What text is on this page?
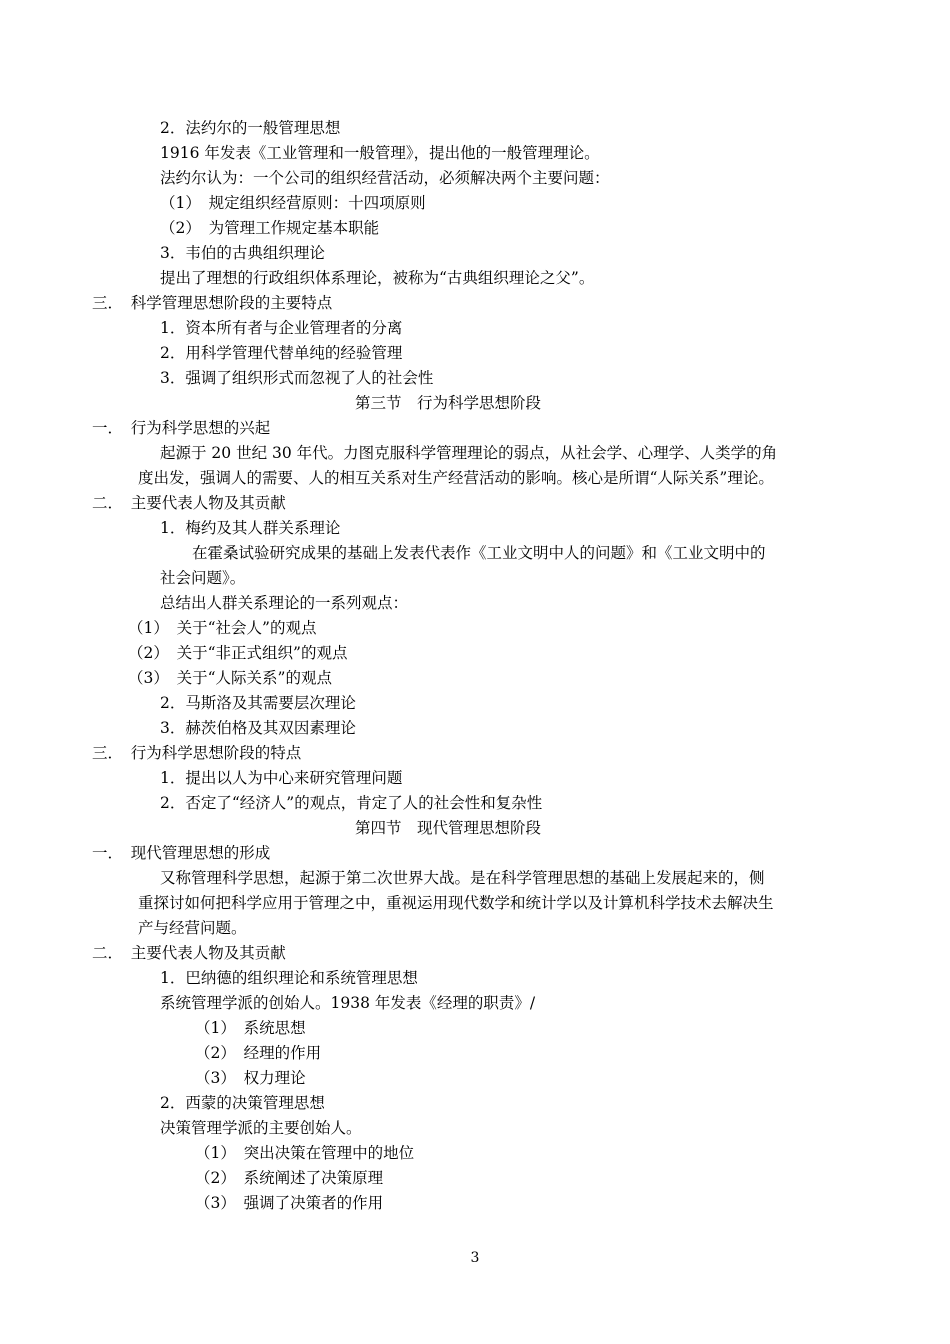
2．法约尔的一般管理思想
1916 年发表《工业管理和一般管理》，提出他的一般管理理论。
法约尔认为：一个公司的组织经营活动，必须解决两个主要问题：
（1）　规定组织经营原则：十四项原则
（2）　为管理工作规定基本职能
3．韦伯的古典组织理论
提出了理想的行政组织体系理论，被称为“古典组织理论之父”。
三．　科学管理思想阶段的主要特点
1．资本所有者与企业管理者的分离
2．用科学管理代替单纯的经验管理
3．强调了组织形式而忽视了人的社会性
第三节　行为科学思想阶段
一．　行为科学思想的兴起
起源于 20 世纪 30 年代。力图克服科学管理理论的弱点，从社会学、心理学、人类学的角
度出发，强调人的需要、人的相互关系对生产经营活动的影响。核心是所谓“人际关系”理论。
二．　主要代表人物及其贡献
1．梅约及其人群关系理论
在霍桑试验研究成果的基础上发表代表作《工业文明中人的问题》和《工业文明中的
社会问题》。
总结出人群关系理论的一系列观点：
（1）　关于“社会人”的观点
（2）　关于“非正式组织”的观点
（3）　关于“人际关系”的观点
2．马斯洛及其需要层次理论
3．赫茨伯格及其双因素理论
三．　行为科学思想阶段的特点
1．提出以人为中心来研究管理问题
2．否定了“经济人”的观点，肯定了人的社会性和复杂性
第四节　现代管理思想阶段
一．　现代管理思想的形成
又称管理科学思想，起源于第二次世界大战。是在科学管理思想的基础上发展起来的，侧
重探讨如何把科学应用于管理之中，重视运用现代数学和统计学以及计算机科学技术去解决生
产与经营问题。
二．　主要代表人物及其贡献
1．巴纳德的组织理论和系统管理思想
系统管理学派的创始人。1938 年发表《经理的职责》/
（1）　系统思想
（2）　经理的作用
（3）　权力理论
2．西蒙的决策管理思想
决策管理学派的主要创始人。
（1）　突出决策在管理中的地位
（2）　系统阐述了决策原理
（3）　强调了决策者的作用
3
